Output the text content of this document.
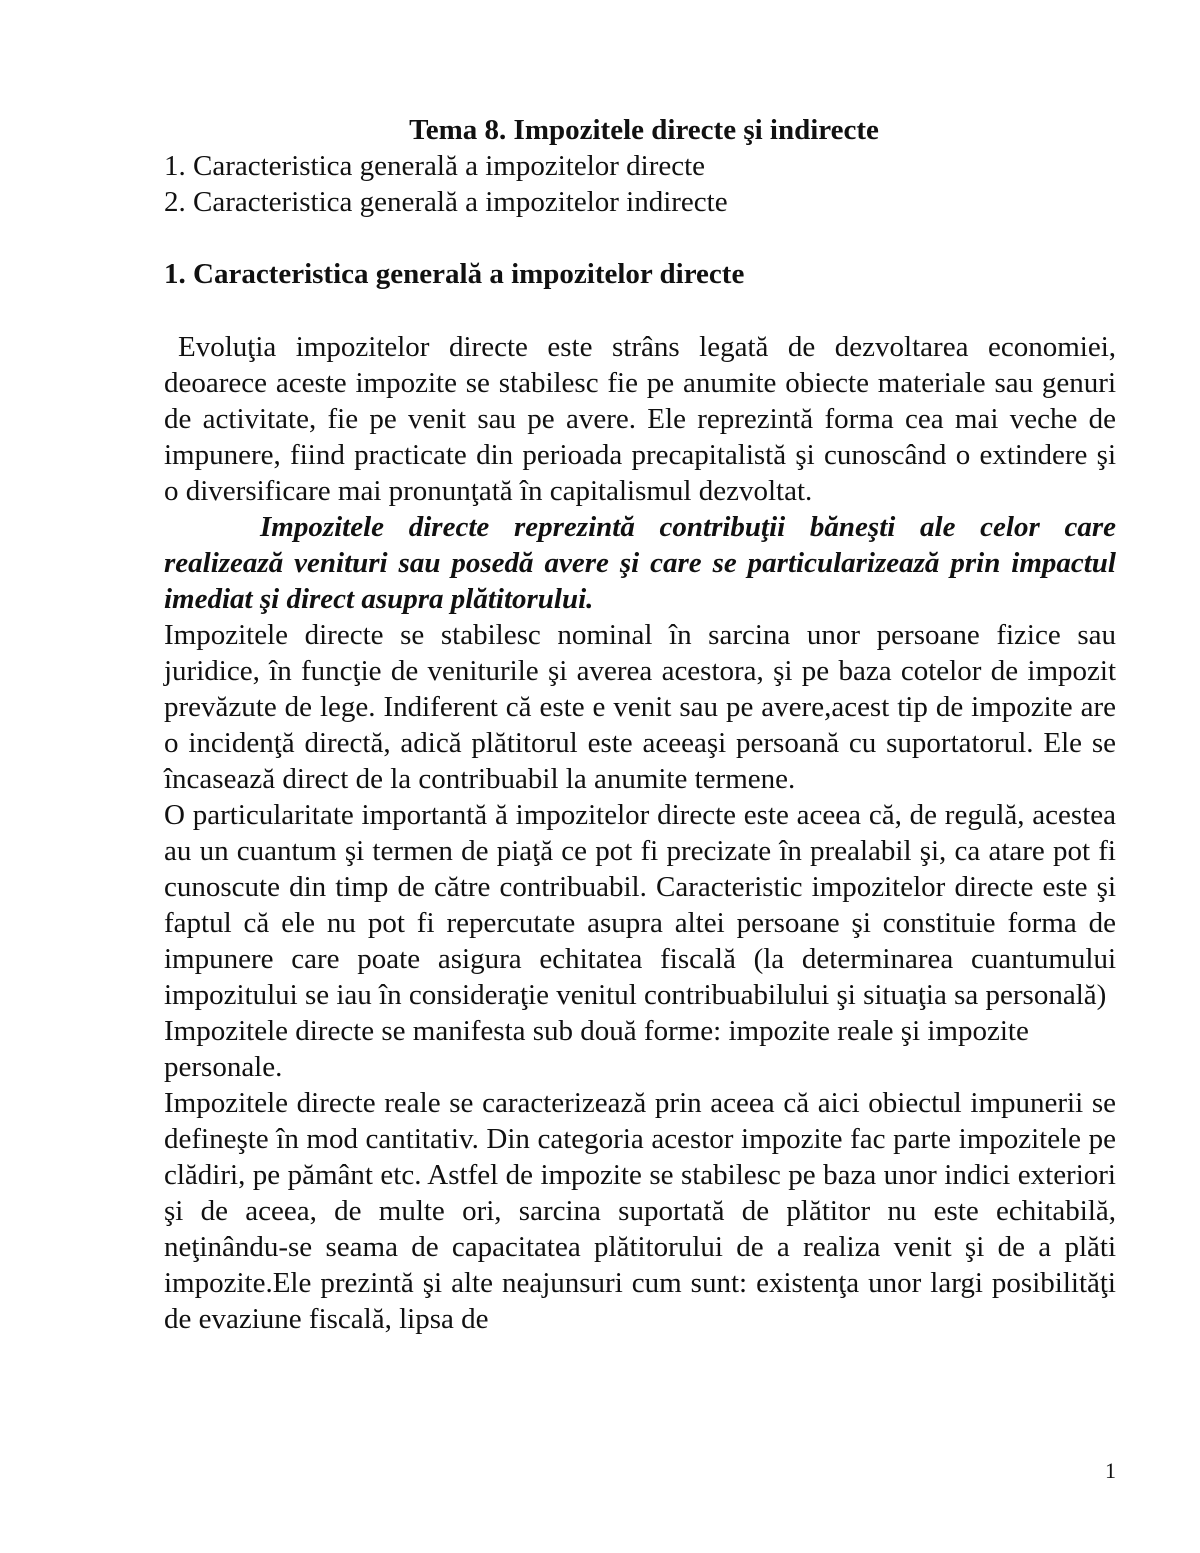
Tema 8. Impozitele directe şi indirecte
1. Caracteristica generală a impozitelor directe
2. Caracteristica generală a impozitelor indirecte
1. Caracteristica generală a impozitelor directe

Evoluţia impozitelor directe este strâns legată de dezvoltarea economiei, deoarece aceste impozite se stabilesc fie pe anumite obiecte materiale sau genuri de activitate, fie pe venit sau pe avere. Ele reprezintă forma cea mai veche de impunere, fiind practicate din perioada precapitalistă şi cunoscând o extindere şi o diversificare mai pronunţată în capitalismul dezvoltat.

Impozitele directe reprezintă contribuţii băneşti ale celor care realizează venituri sau posedă avere şi care se particularizează prin impactul imediat şi direct asupra plătitorului.

Impozitele directe se stabilesc nominal în sarcina unor persoane fizice sau juridice, în funcţie de veniturile şi averea acestora, şi pe baza cotelor de impozit prevăzute de lege. Indiferent că este e venit sau pe avere,acest tip de impozite are o incidenţă directă, adică plătitorul este aceeaşi persoană cu suportatorul. Ele se încasează direct de la contribuabil la anumite termene.

O particularitate importantă ă impozitelor directe este aceea că, de regulă, acestea au un cuantum şi termen de piaţă ce pot fi precizate în prealabil şi, ca atare pot fi cunoscute din timp de către contribuabil. Caracteristic impozitelor directe este şi faptul că ele nu pot fi repercutate asupra altei persoane şi constituie forma de impunere care poate asigura echitatea fiscală (la determinarea cuantumului impozitului se iau în consideraţie venitul contribuabilului şi situaţia sa personală)

Impozitele directe se manifesta sub două forme: impozite reale şi impozite personale.

Impozitele directe reale se caracterizează prin aceea că aici obiectul impunerii se defineşte în mod cantitativ. Din categoria acestor impozite fac parte impozitele pe clădiri, pe pământ etc. Astfel de impozite se stabilesc pe baza unor indici exteriori şi de aceea, de multe ori, sarcina suportată de plătitor nu este echitabilă, neţinându-se seama de capacitatea plătitorului de a realiza venit şi de a plăti impozite.Ele prezintă şi alte neajunsuri cum sunt: existenţa unor largi posibilităţi de evaziune fiscală, lipsa de

1
